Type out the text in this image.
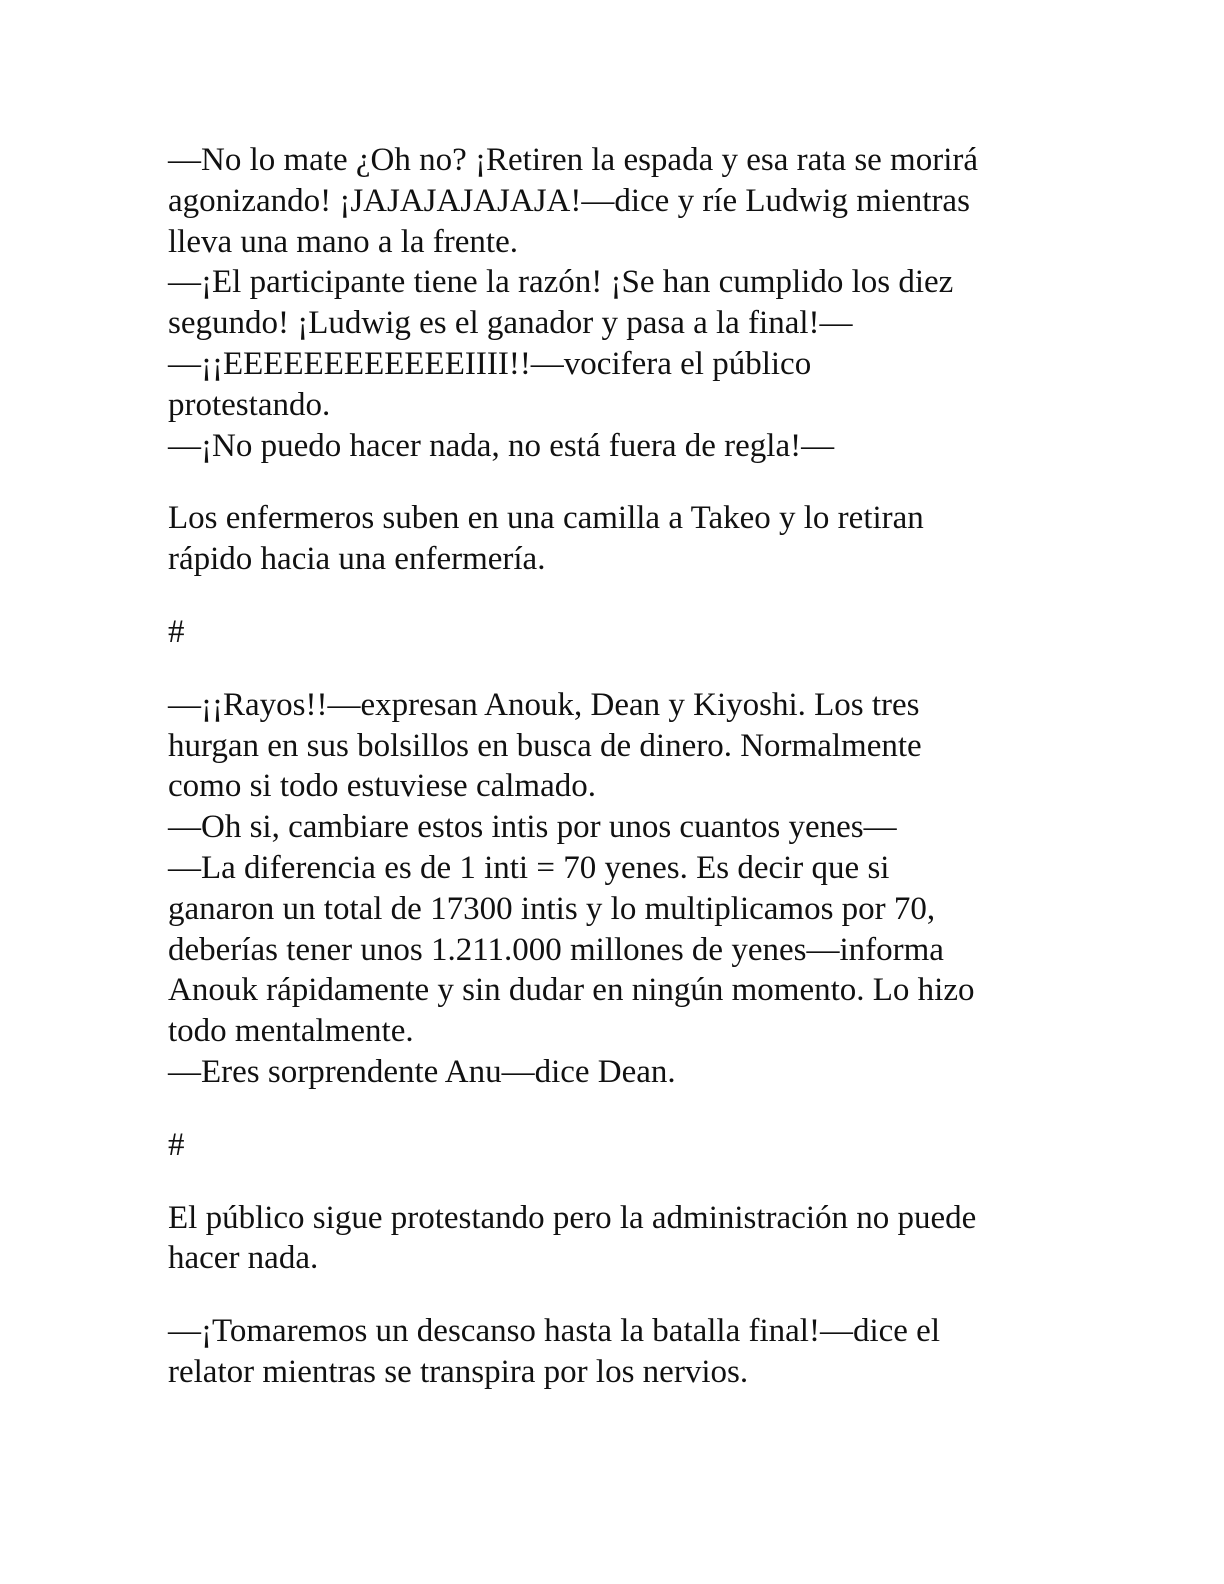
—No lo mate ¿Oh no? ¡Retiren la espada y esa rata se morirá
agonizando! ¡JAJAJAJAJAJA!—dice y ríe Ludwig mientras
lleva una mano a la frente.
—¡El participante tiene la razón! ¡Se han cumplido los diez
segundo! ¡Ludwig es el ganador y pasa a la final!—
—¡¡EEEEEEEEEEEEIIII!!—vocifera el público
protestando.
—¡No puedo hacer nada, no está fuera de regla!—
Los enfermeros suben en una camilla a Takeo y lo retiran
rápido hacia una enfermería.
#
—¡¡Rayos!!—expresan Anouk, Dean y Kiyoshi. Los tres
hurgan en sus bolsillos en busca de dinero. Normalmente
como si todo estuviese calmado.
—Oh si, cambiare estos intis por unos cuantos yenes—
—La diferencia es de 1 inti = 70 yenes. Es decir que si
ganaron un total de 17300 intis y lo multiplicamos por 70,
deberías tener unos 1.211.000 millones de yenes—informa
Anouk rápidamente y sin dudar en ningún momento. Lo hizo
todo mentalmente.
—Eres sorprendente Anu—dice Dean.
#
El público sigue protestando pero la administración no puede
hacer nada.
—¡Tomaremos un descanso hasta la batalla final!—dice el
relator mientras se transpira por los nervios.
